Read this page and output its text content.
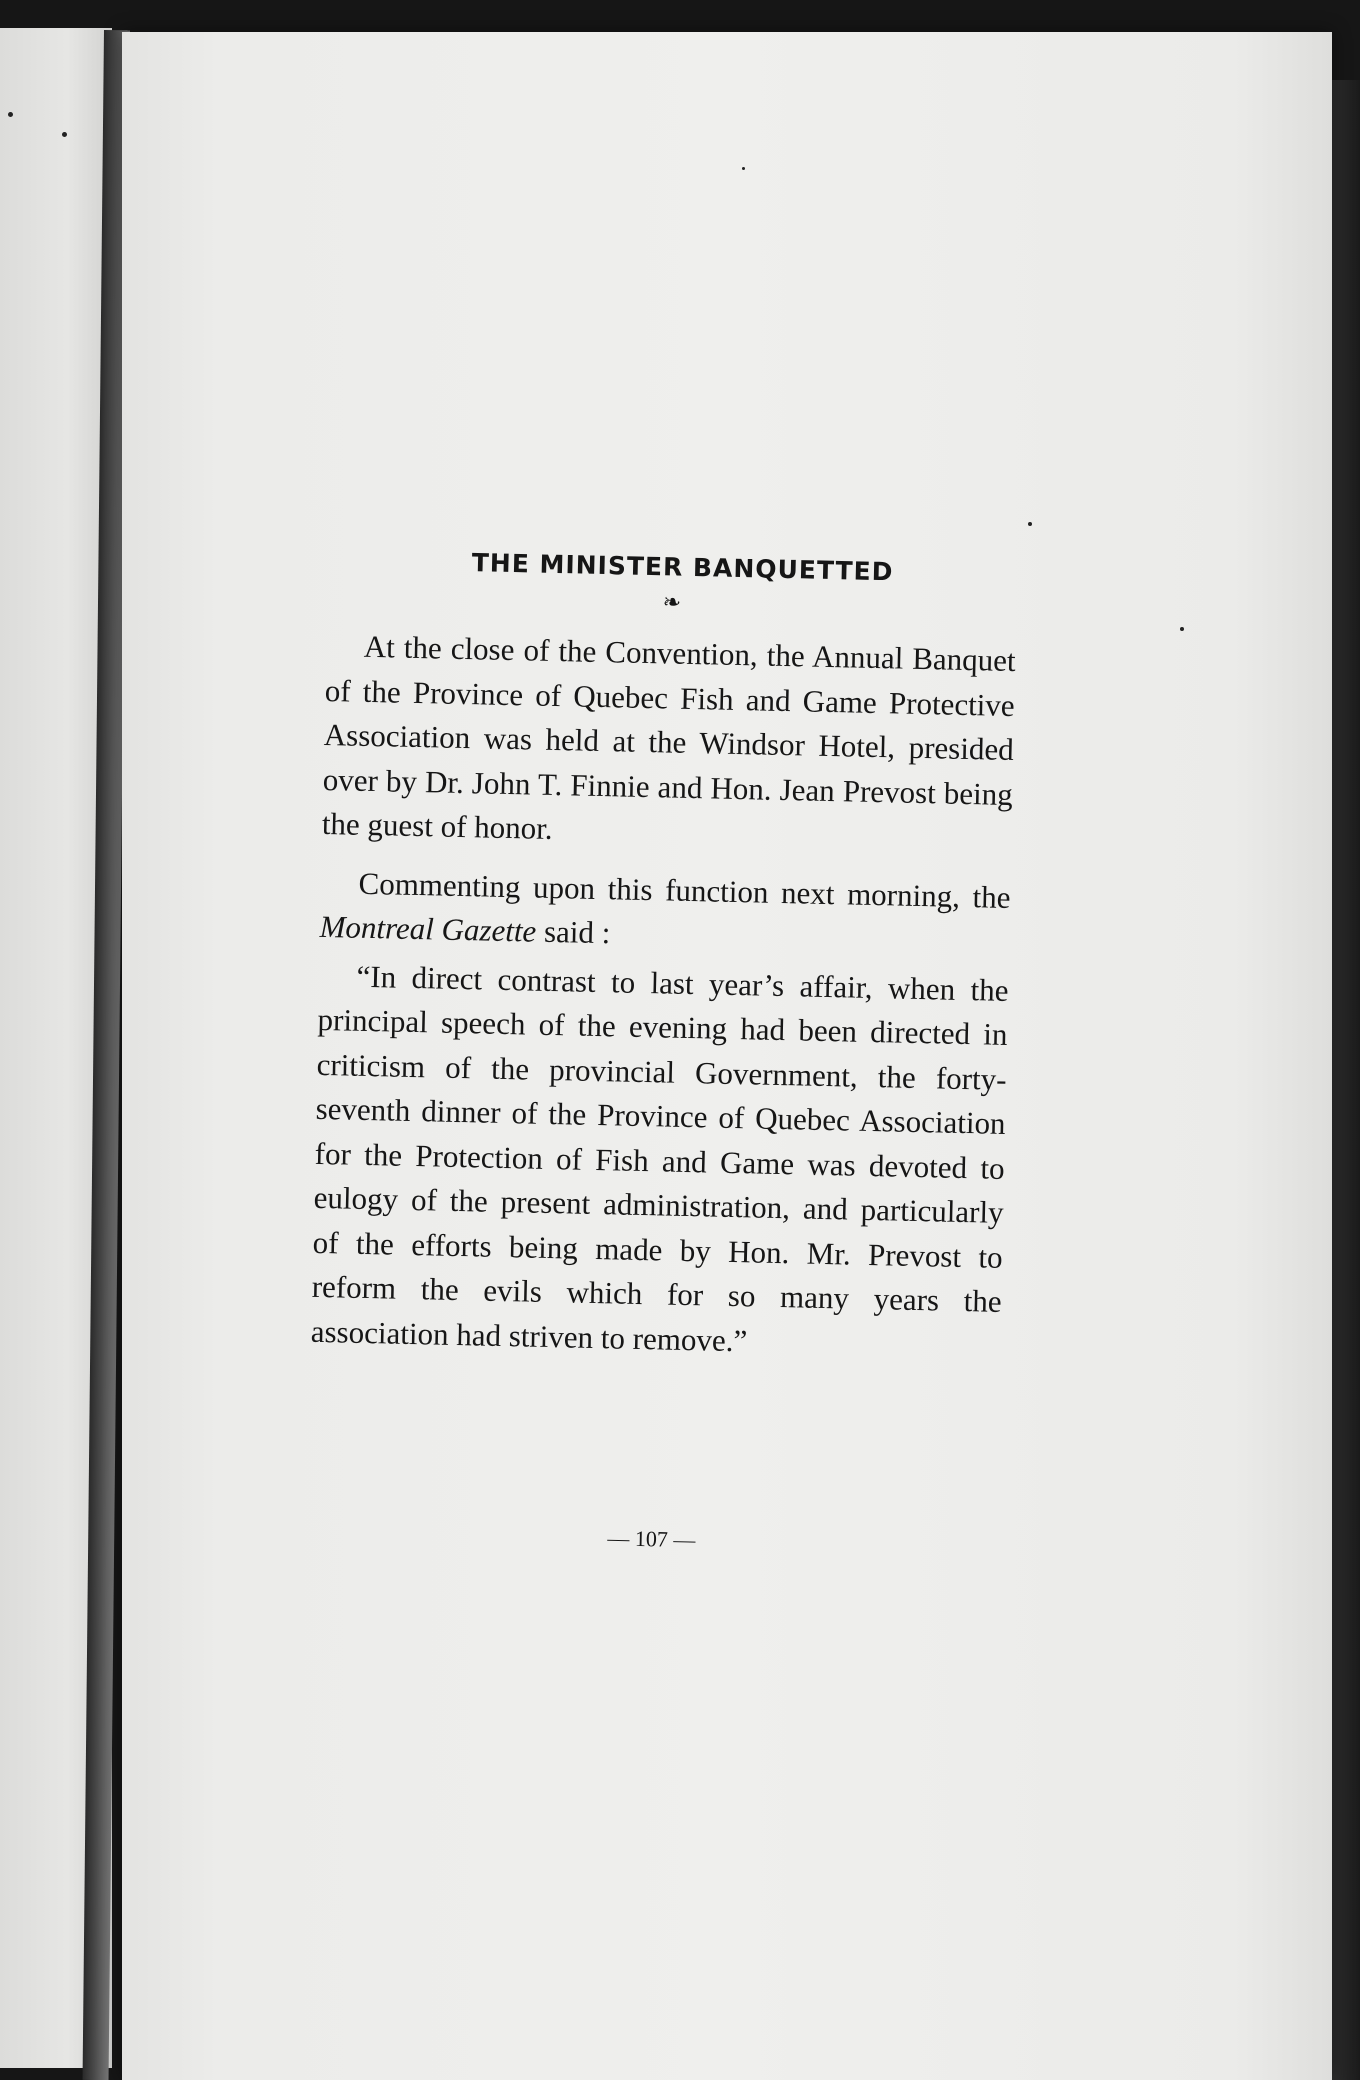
THE MINISTER BANQUETTED
❧

At the close of the Convention, the Annual Banquet of the Province of Quebec Fish and Game Protective Association was held at the Windsor Hotel, presided over by Dr. John T. Finnie and Hon. Jean Prevost being the guest of honor.

Commenting upon this function next morning, the Montreal Gazette said :

“In direct contrast to last year’s affair, when the principal speech of the evening had been directed in criticism of the provincial Government, the forty-seventh dinner of the Province of Quebec Association for the Protection of Fish and Game was devoted to eulogy of the present administration, and particularly of the efforts being made by Hon. Mr. Prevost to reform the evils which for so many years the association had striven to remove.”

— 107 —
